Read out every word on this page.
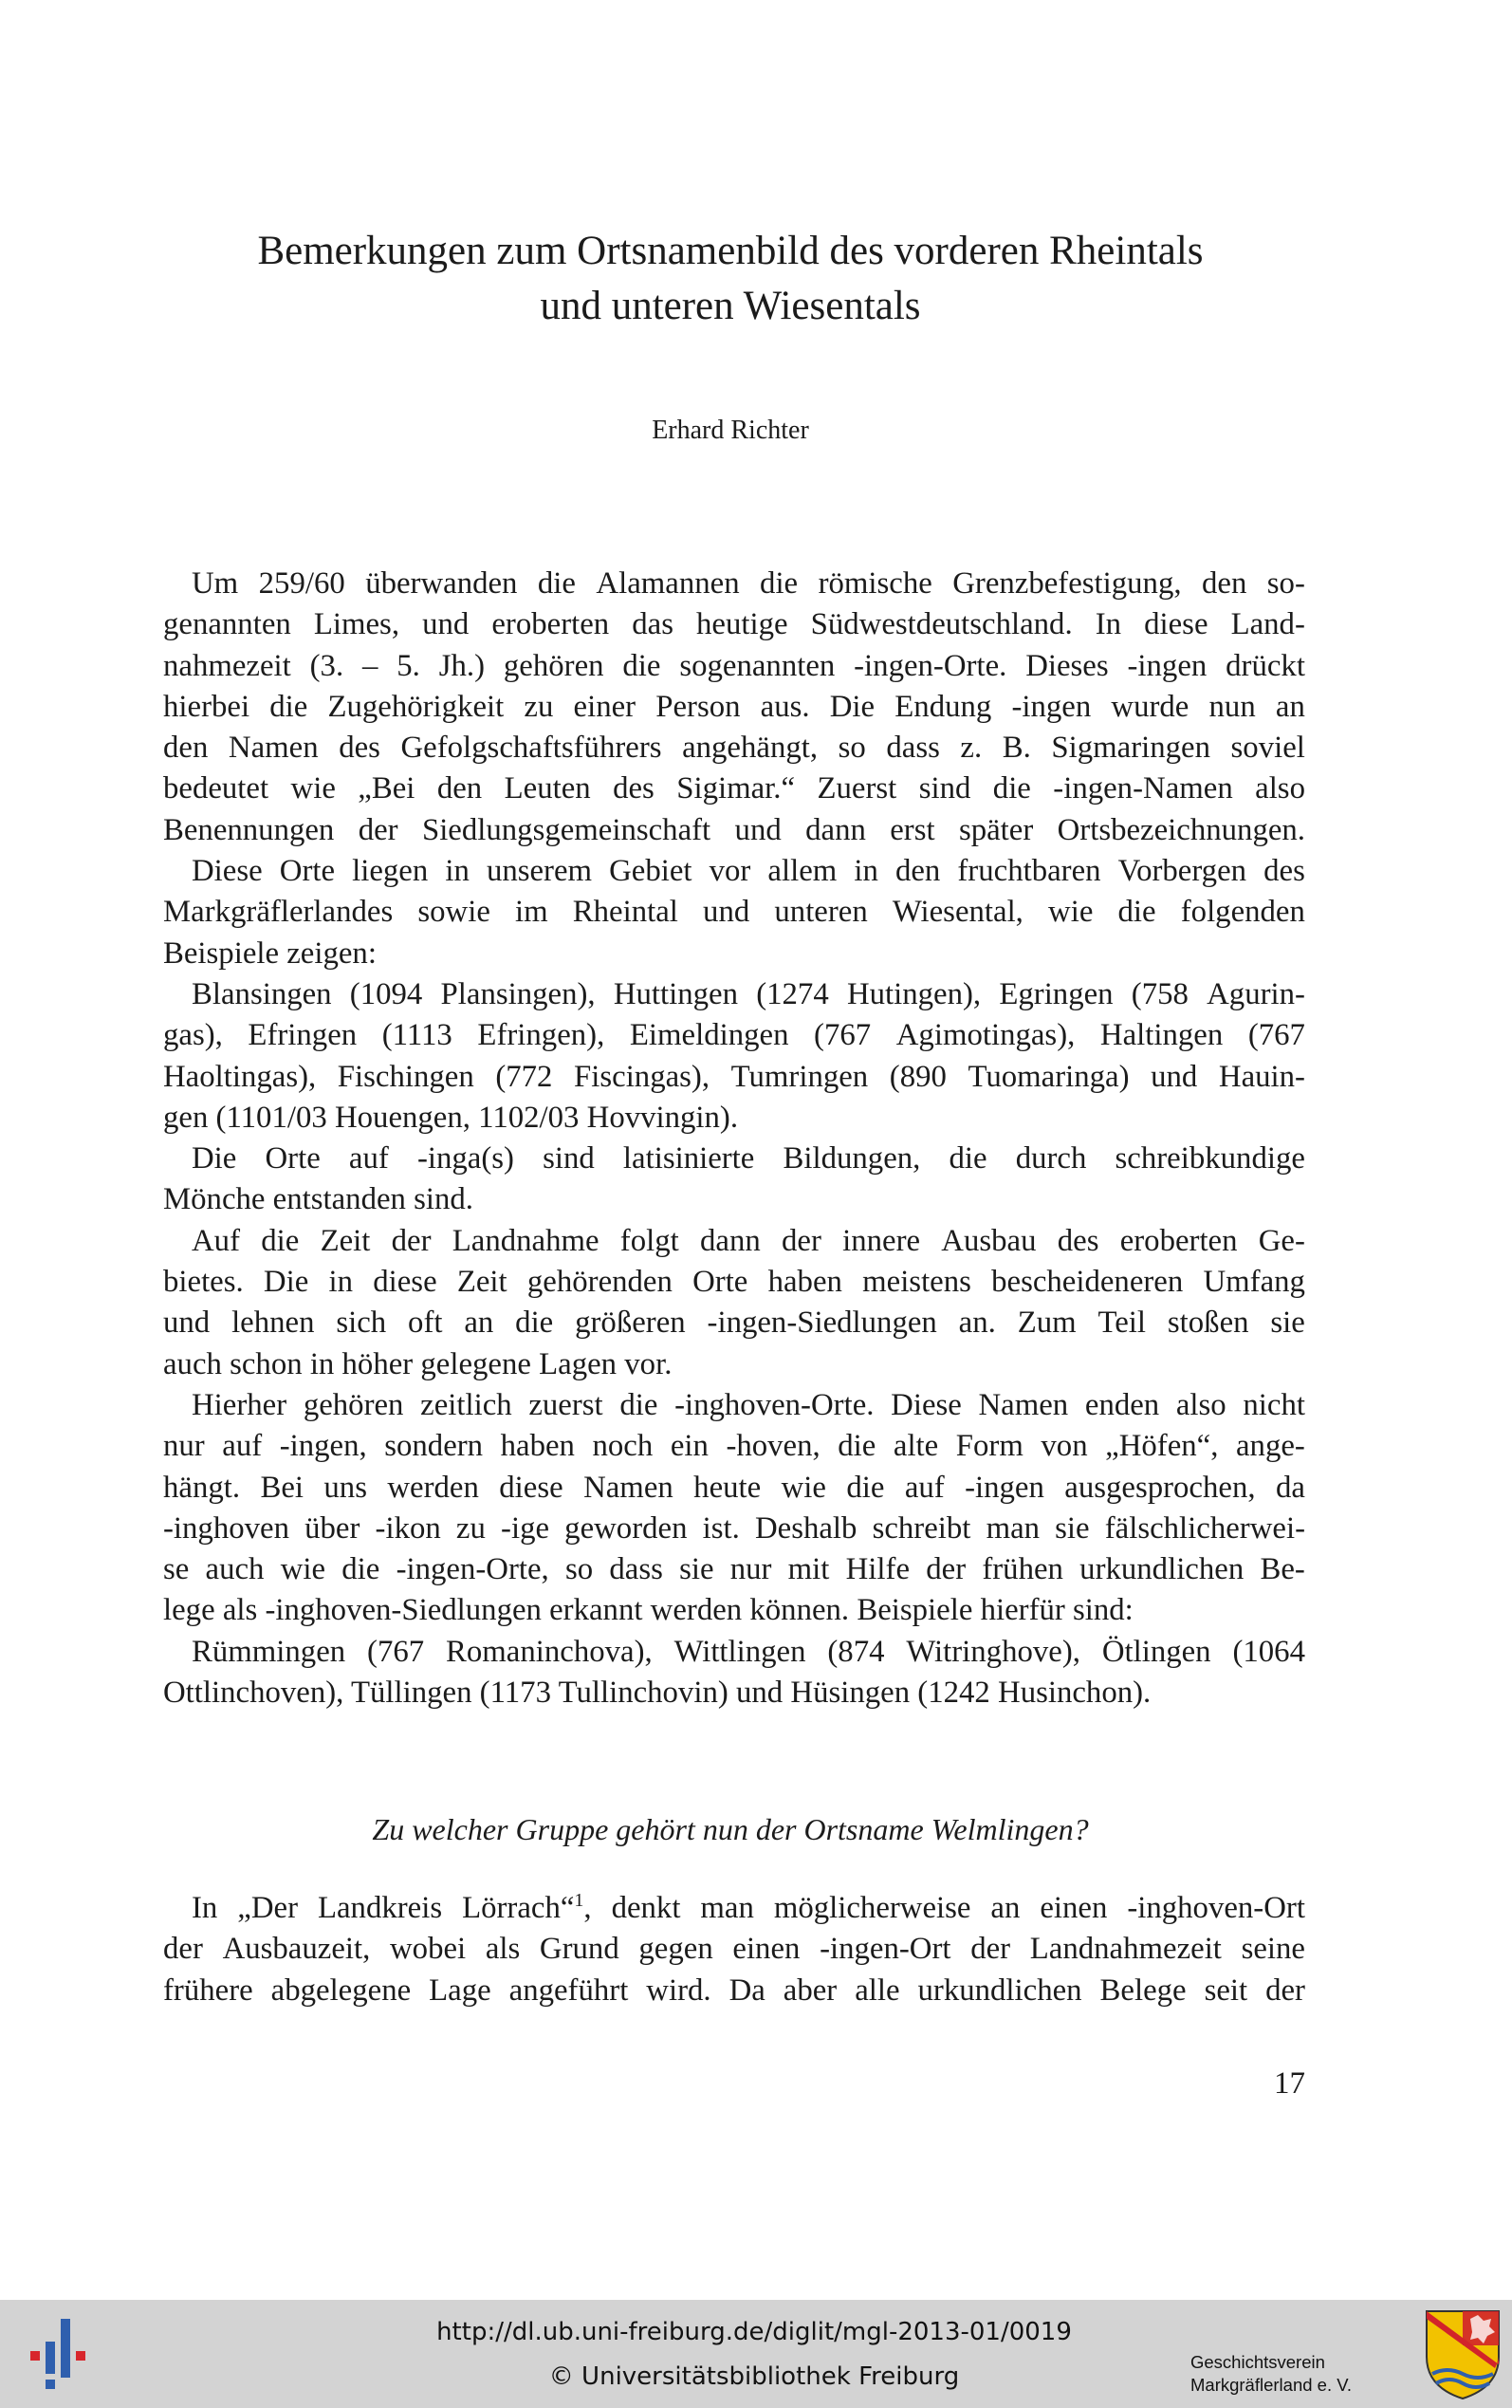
Bemerkungen zum Ortsnamenbild des vorderen Rheintals
und unteren Wiesentals
Erhard Richter
Um 259/60 überwanden die Alamannen die römische Grenzbefestigung, den so-
genannten Limes, und eroberten das heutige Südwestdeutschland. In diese Land-
nahmezeit (3. – 5. Jh.) gehören die sogenannten -ingen-Orte. Dieses -ingen drückt
hierbei die Zugehörigkeit zu einer Person aus. Die Endung -ingen wurde nun an
den Namen des Gefolgschaftsführers angehängt, so dass z. B. Sigmaringen soviel
bedeutet wie „Bei den Leuten des Sigimar.“ Zuerst sind die -ingen-Namen also
Benennungen der Siedlungsgemeinschaft und dann erst später Ortsbezeichnungen.
Diese Orte liegen in unserem Gebiet vor allem in den fruchtbaren Vorbergen des
Markgräflerlandes sowie im Rheintal und unteren Wiesental, wie die folgenden
Beispiele zeigen:
Blansingen (1094 Plansingen), Huttingen (1274 Hutingen), Egringen (758 Agurin-
gas), Efringen (1113 Efringen), Eimeldingen (767 Agimotingas), Haltingen (767
Haoltingas), Fischingen (772 Fiscingas), Tumringen (890 Tuomaringa) und Hauin-
gen (1101/03 Houengen, 1102/03 Hovvingin).
Die Orte auf -inga(s) sind latisinierte Bildungen, die durch schreibkundige
Mönche entstanden sind.
Auf die Zeit der Landnahme folgt dann der innere Ausbau des eroberten Ge-
bietes. Die in diese Zeit gehörenden Orte haben meistens bescheideneren Umfang
und lehnen sich oft an die größeren -ingen-Siedlungen an. Zum Teil stoßen sie
auch schon in höher gelegene Lagen vor.
Hierher gehören zeitlich zuerst die -inghoven-Orte. Diese Namen enden also nicht
nur auf -ingen, sondern haben noch ein -hoven, die alte Form von „Höfen“, ange-
hängt. Bei uns werden diese Namen heute wie die auf -ingen ausgesprochen, da
-inghoven über -ikon zu -ige geworden ist. Deshalb schreibt man sie fälschlicherwei-
se auch wie die -ingen-Orte, so dass sie nur mit Hilfe der frühen urkundlichen Be-
lege als -inghoven-Siedlungen erkannt werden können. Beispiele hierfür sind:
Rümmingen (767 Romaninchova), Wittlingen (874 Witringhove), Ötlingen (1064
Ottlinchoven), Tüllingen (1173 Tullinchovin) und Hüsingen (1242 Husinchon).
Zu welcher Gruppe gehört nun der Ortsname Welmlingen?
In „Der Landkreis Lörrach“$^1$, denkt man möglicherweise an einen -inghoven-Ort
der Ausbauzeit, wobei als Grund gegen einen -ingen-Ort der Landnahmezeit seine
frühere abgelegene Lage angeführt wird. Da aber alle urkundlichen Belege seit der
17
http://dl.ub.uni-freiburg.de/diglit/mgl-2013-01/0019
© Universitätsbibliothek Freiburg
Geschichtsverein
Markgräflerland e. V.
